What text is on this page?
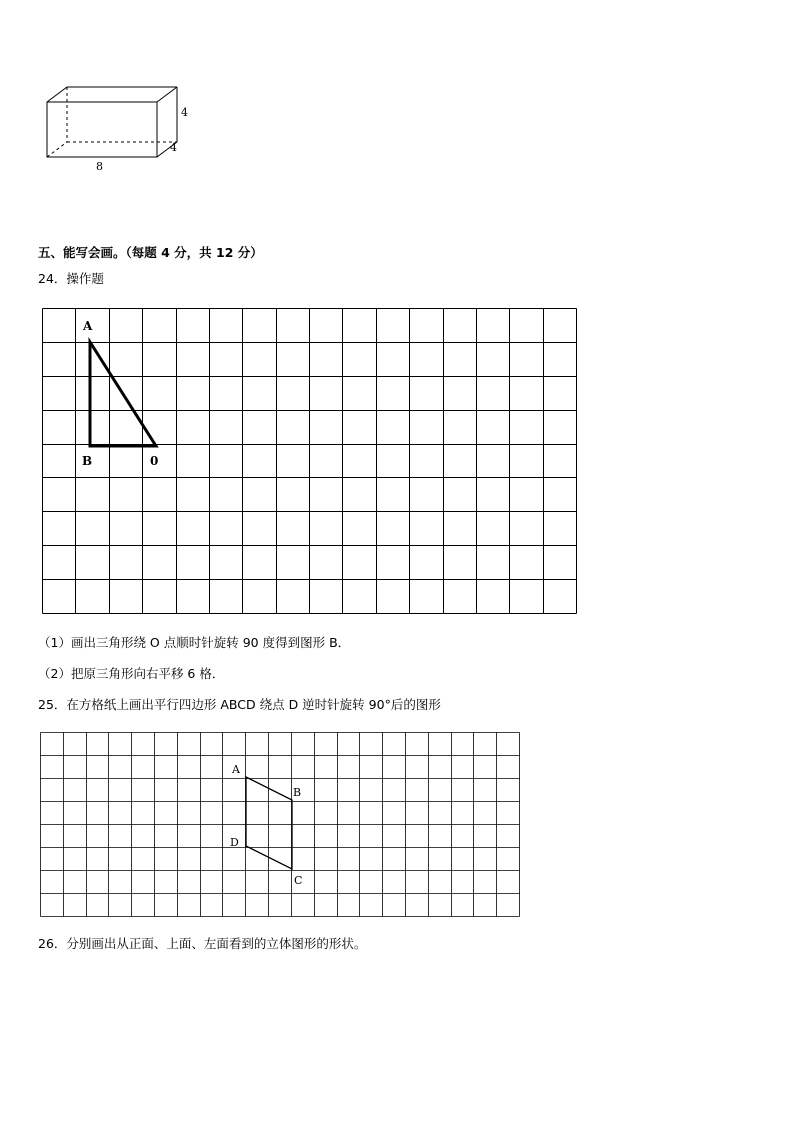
8
4
4
五、能写会画。（每题 4 分，共 12 分）
24．操作题
A
B	0
（1）画出三角形绕 O 点顺时针旋转 90 度得到图形 B．
（2）把原三角形向右平移 6 格．
25．在方格纸上画出平行四边形 ABCD 绕点 D 逆时针旋转 90°后的图形
A
B
C
D
26．分别画出从正面、上面、左面看到的立体图形的形状。
